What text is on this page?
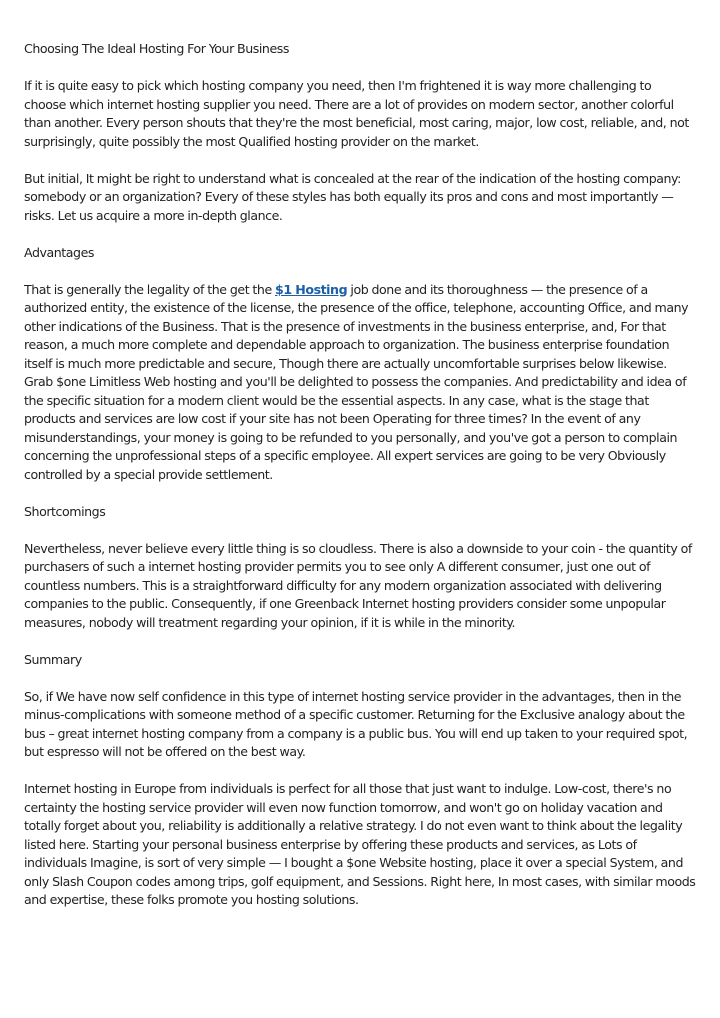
Choosing The Ideal Hosting For Your Business

If it is quite easy to pick which hosting company you need, then I'm frightened it is way more challenging to choose which internet hosting supplier you need. There are a lot of provides on modern sector, another colorful than another. Every person shouts that they're the most beneficial, most caring, major, low cost, reliable, and, not surprisingly, quite possibly the most Qualified hosting provider on the market.

But initial, It might be right to understand what is concealed at the rear of the indication of the hosting company: somebody or an organization? Every of these styles has both equally its pros and cons and most importantly — risks. Let us acquire a more in-depth glance.

Advantages

That is generally the legality of the get the $1 Hosting job done and its thoroughness — the presence of a authorized entity, the existence of the license, the presence of the office, telephone, accounting Office, and many other indications of the Business. That is the presence of investments in the business enterprise, and, For that reason, a much more complete and dependable approach to organization. The business enterprise foundation itself is much more predictable and secure, Though there are actually uncomfortable surprises below likewise. Grab $one Limitless Web hosting and you'll be delighted to possess the companies. And predictability and idea of the specific situation for a modern client would be the essential aspects. In any case, what is the stage that products and services are low cost if your site has not been Operating for three times? In the event of any misunderstandings, your money is going to be refunded to you personally, and you've got a person to complain concerning the unprofessional steps of a specific employee. All expert services are going to be very Obviously controlled by a special provide settlement.

Shortcomings

Nevertheless, never believe every little thing is so cloudless. There is also a downside to your coin - the quantity of purchasers of such a internet hosting provider permits you to see only A different consumer, just one out of countless numbers. This is a straightforward difficulty for any modern organization associated with delivering companies to the public. Consequently, if one Greenback Internet hosting providers consider some unpopular measures, nobody will treatment regarding your opinion, if it is while in the minority.

Summary

So, if We have now self confidence in this type of internet hosting service provider in the advantages, then in the minus-complications with someone method of a specific customer. Returning for the Exclusive analogy about the bus – great internet hosting company from a company is a public bus. You will end up taken to your required spot, but espresso will not be offered on the best way.

Internet hosting in Europe from individuals is perfect for all those that just want to indulge. Low-cost, there's no certainty the hosting service provider will even now function tomorrow, and won't go on holiday vacation and totally forget about you, reliability is additionally a relative strategy. I do not even want to think about the legality listed here. Starting your personal business enterprise by offering these products and services, as Lots of individuals Imagine, is sort of very simple — I bought a $one Website hosting, place it over a special System, and only Slash Coupon codes among trips, golf equipment, and Sessions. Right here, In most cases, with similar moods and expertise, these folks promote you hosting solutions.
